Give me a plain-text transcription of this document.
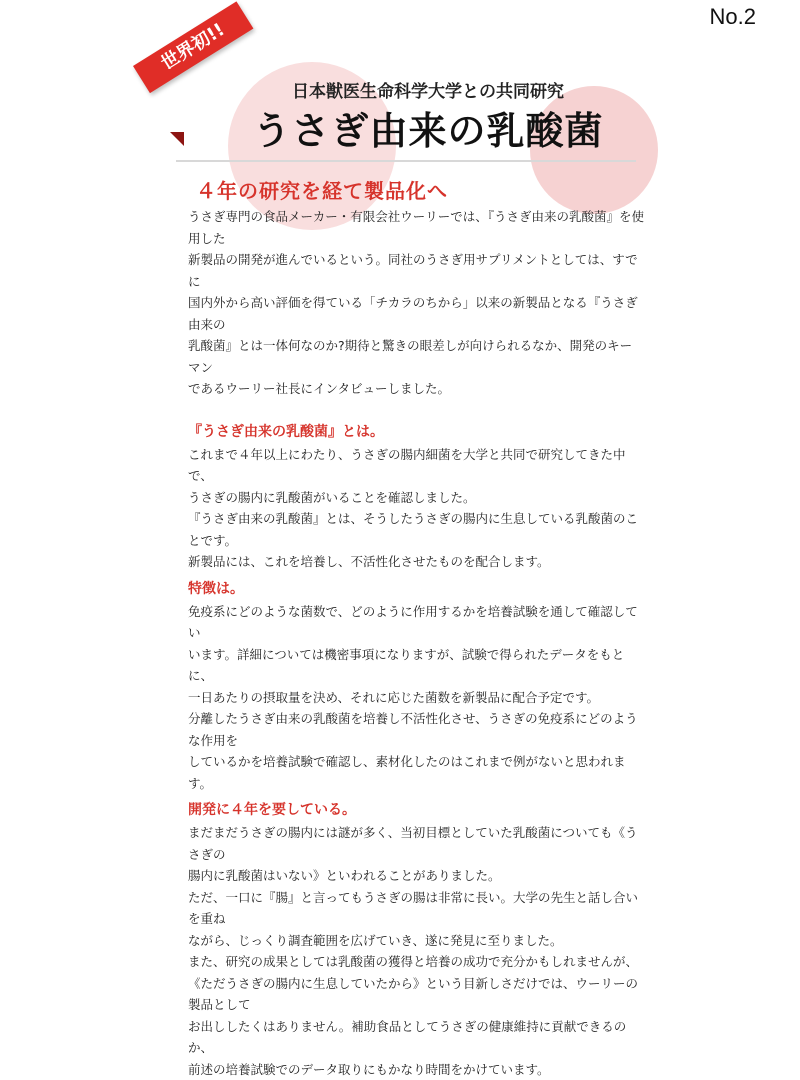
No.2
世界初!!
日本獣医生命科学大学との共同研究
うさぎ由来の乳酸菌
４年の研究を経て製品化へ

うさぎ専門の食品メーカー・有限会社ウーリーでは、『うさぎ由来の乳酸菌』を使用した
新製品の開発が進んでいるという。同社のうさぎ用サプリメントとしては、すでに
国内外から高い評価を得ている「チカラのちから」以来の新製品となる『うさぎ由来の
乳酸菌』とは一体何なのか?期待と驚きの眼差しが向けられるなか、開発のキーマン
であるウーリー社長にインタビューしました。

『うさぎ由来の乳酸菌』とは。

これまで４年以上にわたり、うさぎの腸内細菌を大学と共同で研究してきた中で、
うさぎの腸内に乳酸菌がいることを確認しました。
『うさぎ由来の乳酸菌』とは、そうしたうさぎの腸内に生息している乳酸菌のことです。
新製品には、これを培養し、不活性化させたものを配合します。

特徴は。

免疫系にどのような菌数で、どのように作用するかを培養試験を通して確認してい
います。詳細については機密事項になりますが、試験で得られたデータをもとに、
一日あたりの摂取量を決め、それに応じた菌数を新製品に配合予定です。
分離したうさぎ由来の乳酸菌を培養し不活性化させ、うさぎの免疫系にどのような作用を
しているかを培養試験で確認し、素材化したのはこれまで例がないと思われます。

開発に４年を要している。

まだまだうさぎの腸内には謎が多く、当初目標としていた乳酸菌についても《うさぎの
腸内に乳酸菌はいない》といわれることがありました。
ただ、一口に『腸』と言ってもうさぎの腸は非常に長い。大学の先生と話し合いを重ね
ながら、じっくり調査範囲を広げていき、遂に発見に至りました。
また、研究の成果としては乳酸菌の獲得と培養の成功で充分かもしれませんが、
《ただうさぎの腸内に生息していたから》という目新しさだけでは、ウーリーの製品として
お出ししたくはありません。補助食品としてうさぎの健康維持に貢献できるのか、
前述の培養試験でのデータ取りにもかなり時間をかけています。
